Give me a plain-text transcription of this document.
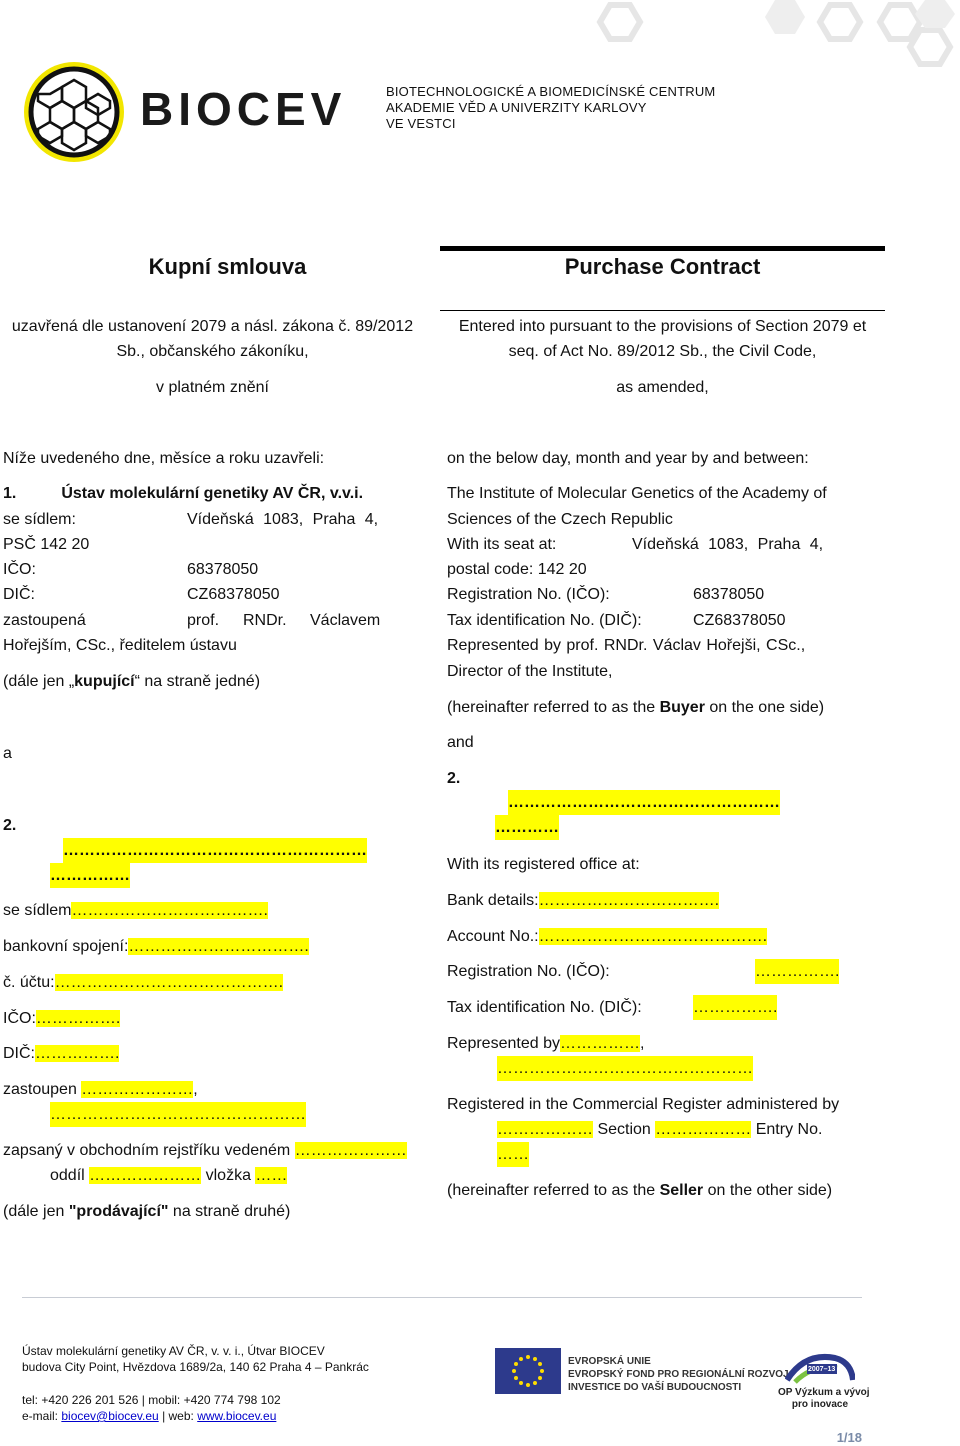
BIOCEV	BIOTECHNOLOGICKÉ A BIOMEDICÍNSKÉ CENTRUM
AKADEMIE VĚD A UNIVERZITY KARLOVY
VE VESTCI
Kupní smlouva	Purchase Contract
uzavřená dle ustanovení 2079 a násl. zákona č. 89/2012
Sb., občanského zákoníku,
v platném znění
Entered into pursuant to the provisions of Section 2079 et
seq. of Act No. 89/2012 Sb., the Civil Code,
as amended,
Níže uvedeného dne, měsíce a roku uzavřeli:	on the below day, month and year by and between:
1.	Ústav molekulární genetiky AV ČR, v.v.i.
se sídlem:	Vídeňská 1083, Praha 4,
PSČ 142 20
IČO:	68378050
DIČ:	CZ68378050
zastoupená	prof. RNDr. Václavem
Hořejším, CSc., ředitelem ústavu
(dále jen „kupující“ na straně jedné)
The Institute of Molecular Genetics of the Academy of
Sciences of the Czech Republic
With its seat at:	Vídeňská 1083, Praha 4,
postal code: 142 20
Registration No. (IČO):	68378050
Tax identification No. (DIČ):	CZ68378050
Represented by prof. RNDr. Václav Hořejši, CSc.,
Director of the Institute,
(hereinafter referred to as the Buyer on the one side)
a
and
2.
…………………………………………………
……………
se sídlem……………………………….
bankovní spojení:…………………………….
č. účtu:…………………………………….
IČO:…………….
DIČ:…………….
zastoupen …………………,
…………………………………………
zapsaný v obchodním rejstříku vedeném …………………
oddíl ………………… vložka ……
(dále jen "prodávající" na straně druhé)
2.
……………………………………………
…………
With its registered office at:
Bank details:…………………………….
Account No.:…………………………………….
Registration No. (IČO):	…………….
Tax identification No. (DIČ):	…………….
Represented by……………,
…………………………………………
Registered in the Commercial Register administered by
……………… Section ……………… Entry No.
……
(hereinafter referred to as the Seller on the other side)
Ústav molekulární genetiky AV ČR, v. v. i., Útvar BIOCEV
budova City Point, Hvězdova 1689/2a, 140 62 Praha 4 – Pankrác
tel: +420 226 201 526 | mobil: +420 774 798 102
e-mail: biocev@biocev.eu | web: www.biocev.eu
EVROPSKÁ UNIE
EVROPSKÝ FOND PRO REGIONÁLNÍ ROZVOJ
INVESTICE DO VAŠÍ BUDOUCNOSTI
2007–13
OP Výzkum a vývoj
pro inovace
1/18
